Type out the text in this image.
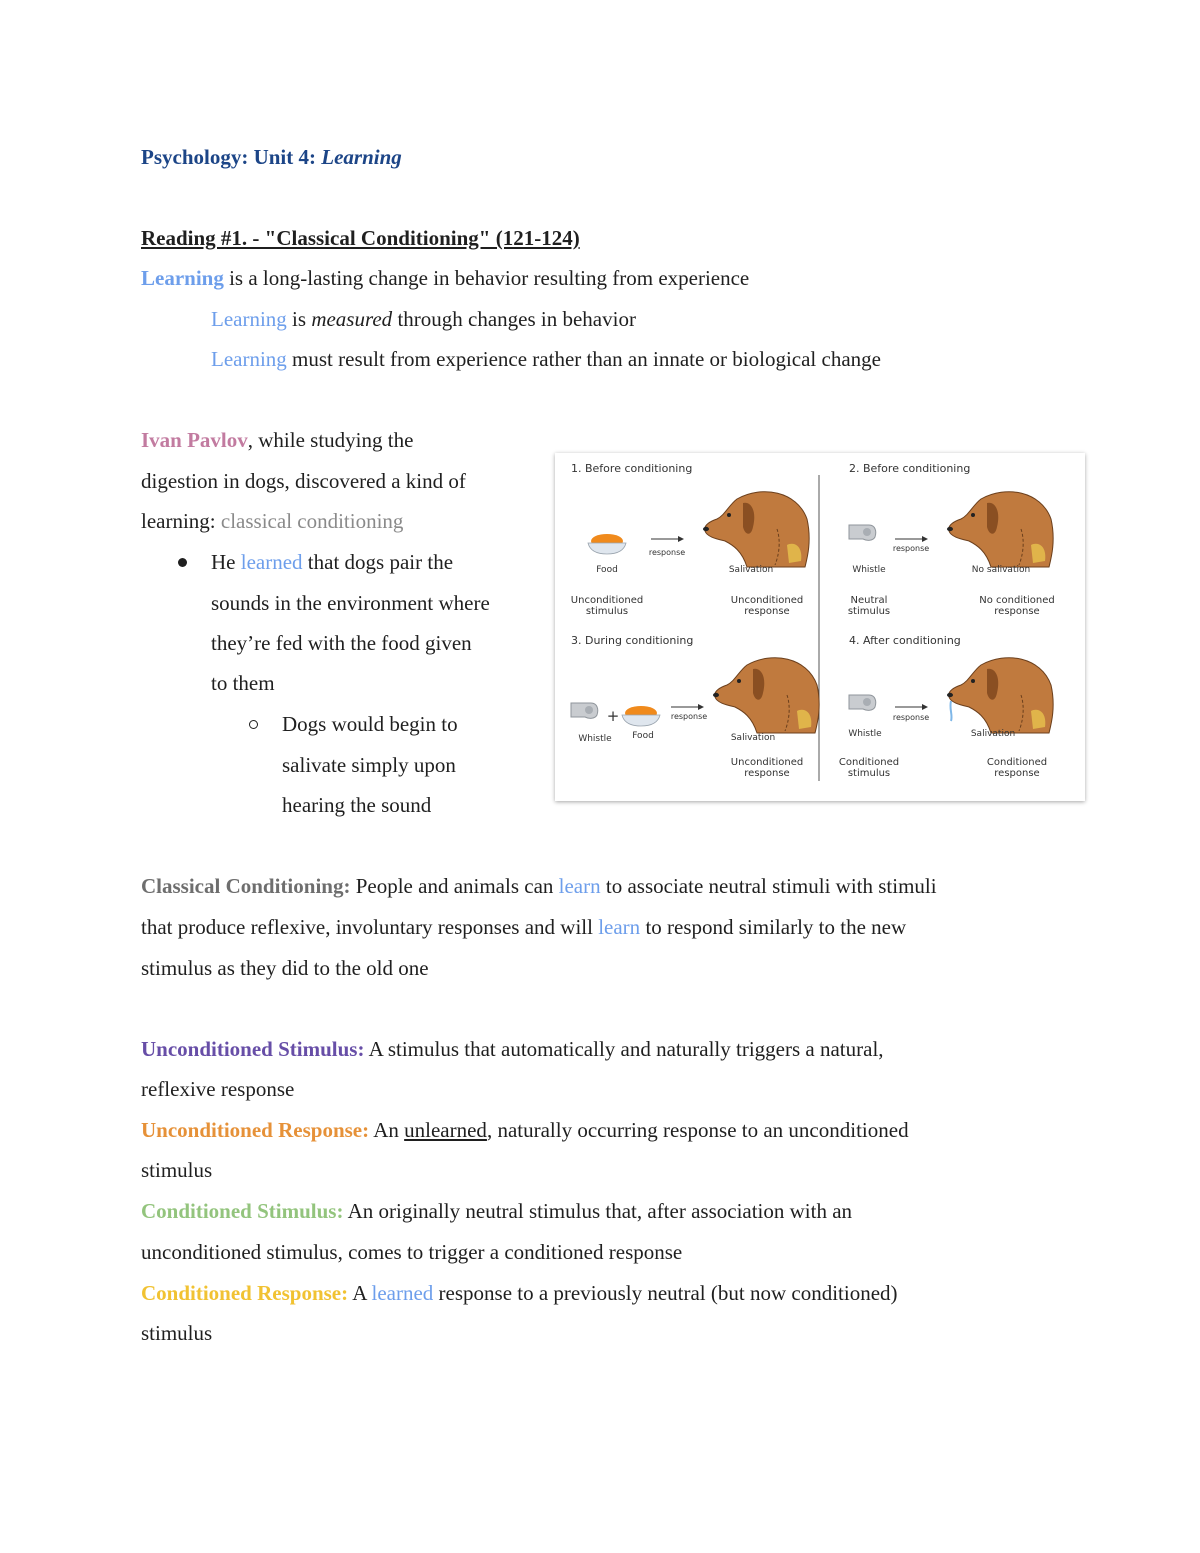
Psychology: Unit 4: Learning
Reading #1. - "Classical Conditioning" (121-124)
Learning is a long-lasting change in behavior resulting from experience
Learning is measured through changes in behavior
Learning must result from experience rather than an innate or biological change
Ivan Pavlov, while studying the
digestion in dogs, discovered a kind of
learning: classical conditioning
He learned that dogs pair the
sounds in the environment where
they’re fed with the food given
to them
Dogs would begin to
salivate simply upon
hearing the sound
1. Before conditioning
response
Food	Salivation
Unconditioned
stimulus
Unconditioned
response
2. Before conditioning
response
Whistle	No salivation
Neutral
stimulus
No conditioned
response
3. During conditioning
+	response
Whistle Food	Salivation
Unconditioned
response
4. After conditioning
response
Whistle	Salivation
Conditioned
stimulus
Conditioned
response
Classical Conditioning: People and animals can learn to associate neutral stimuli with stimuli
that produce reflexive, involuntary responses and will learn to respond similarly to the new
stimulus as they did to the old one
Unconditioned Stimulus: A stimulus that automatically and naturally triggers a natural,
reflexive response
Unconditioned Response: An unlearned, naturally occurring response to an unconditioned
stimulus
Conditioned Stimulus: An originally neutral stimulus that, after association with an
unconditioned stimulus, comes to trigger a conditioned response
Conditioned Response: A learned response to a previously neutral (but now conditioned)
stimulus
